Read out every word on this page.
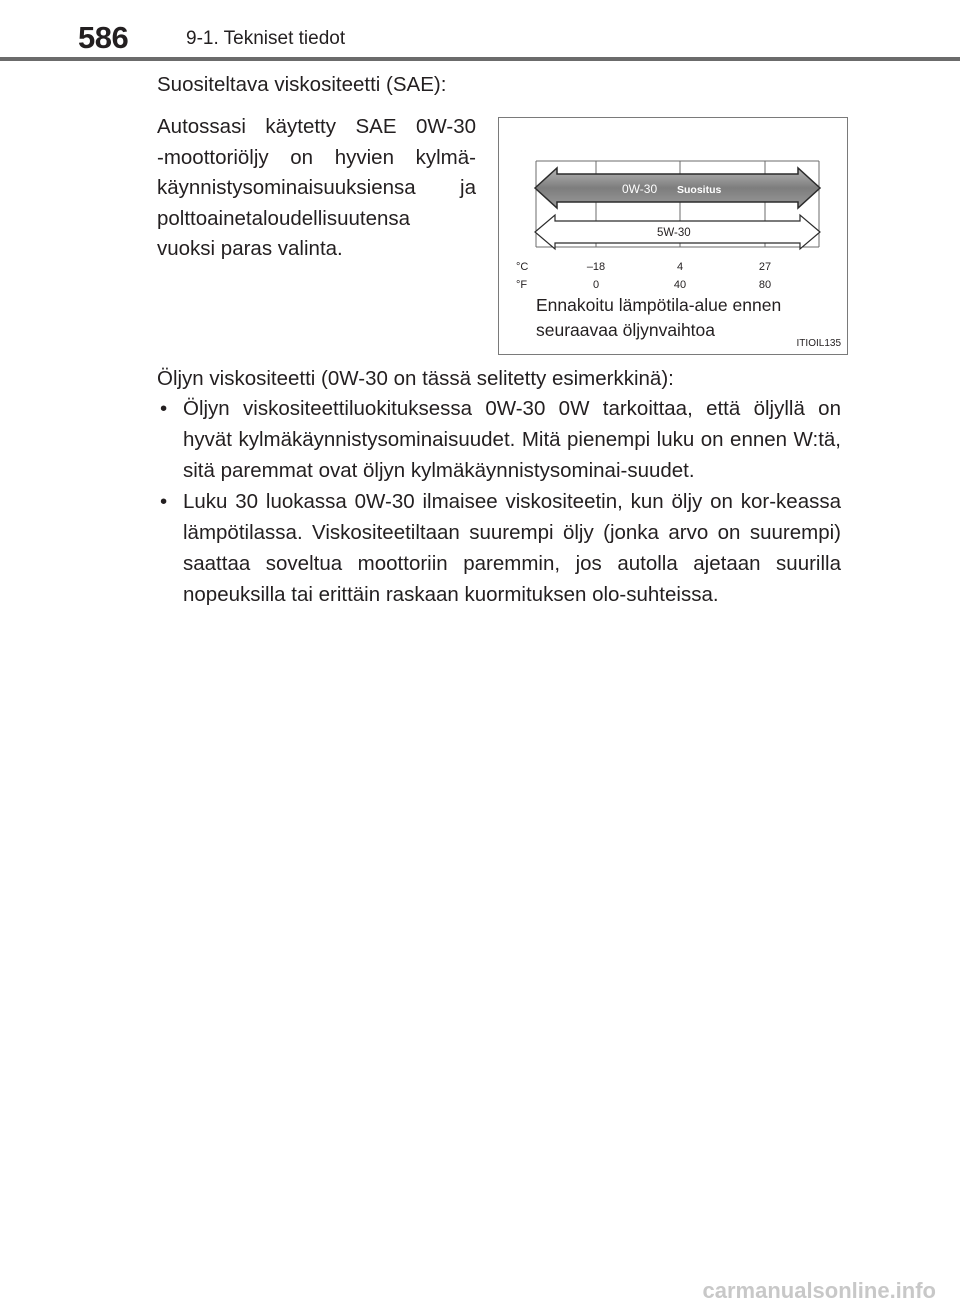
586	9-1. Tekniset tiedot
Suositeltava viskositeetti (SAE):
Autossasi käytetty SAE 0W-30
-moottoriöljy on hyvien kylmä-
käynnistysominaisuuksiensa ja
polttoainetaloudellisuutensa
vuoksi paras valinta.
0W-30 Suositus
5W-30
°C
°F
–18	4	27
0	40	80
Ennakoitu lämpötila-alue ennen
seuraavaa öljynvaihtoa
ITIOIL135
Öljyn viskositeetti (0W-30 on tässä selitetty esimerkkinä):
• Öljyn viskositeettiluokituksessa 0W-30 0W tarkoittaa, että öljyllä on hyvät kylmäkäynnistysominaisuudet. Mitä pienempi luku on ennen W:tä, sitä paremmat ovat öljyn kylmäkäynnistysominai-suudet.
• Luku 30 luokassa 0W-30 ilmaisee viskositeetin, kun öljy on kor-keassa lämpötilassa. Viskositeetiltaan suurempi öljy (jonka arvo on suurempi) saattaa soveltua moottoriin paremmin, jos autolla ajetaan suurilla nopeuksilla tai erittäin raskaan kuormituksen olo-suhteissa.
carmanualsonline.info
